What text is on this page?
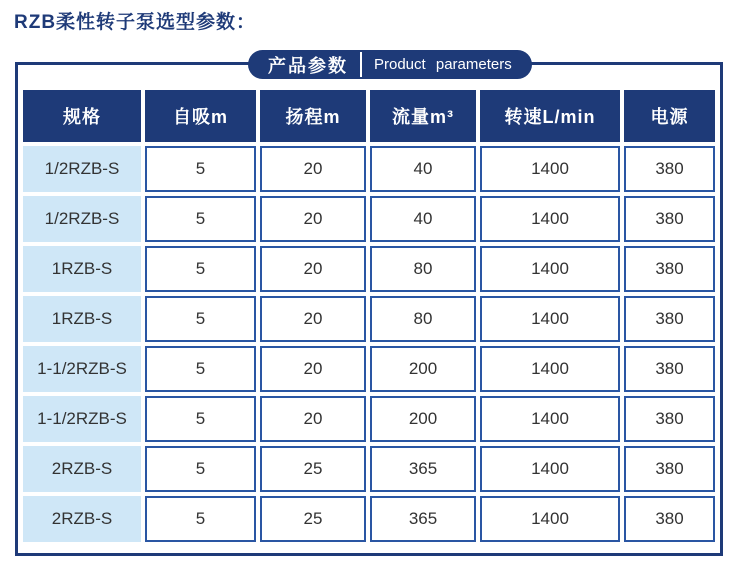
RZB柔性转子泵选型参数：
产品参数	Product parameters
规格	自吸m	扬程m	流量m³	转速L/min	电源
1/2RZB-S	5	20	40	1400	380
1/2RZB-S	5	20	40	1400	380
1RZB-S	5	20	80	1400	380
1RZB-S	5	20	80	1400	380
1-1/2RZB-S	5	20	200	1400	380
1-1/2RZB-S	5	20	200	1400	380
2RZB-S	5	25	365	1400	380
2RZB-S	5	25	365	1400	380
